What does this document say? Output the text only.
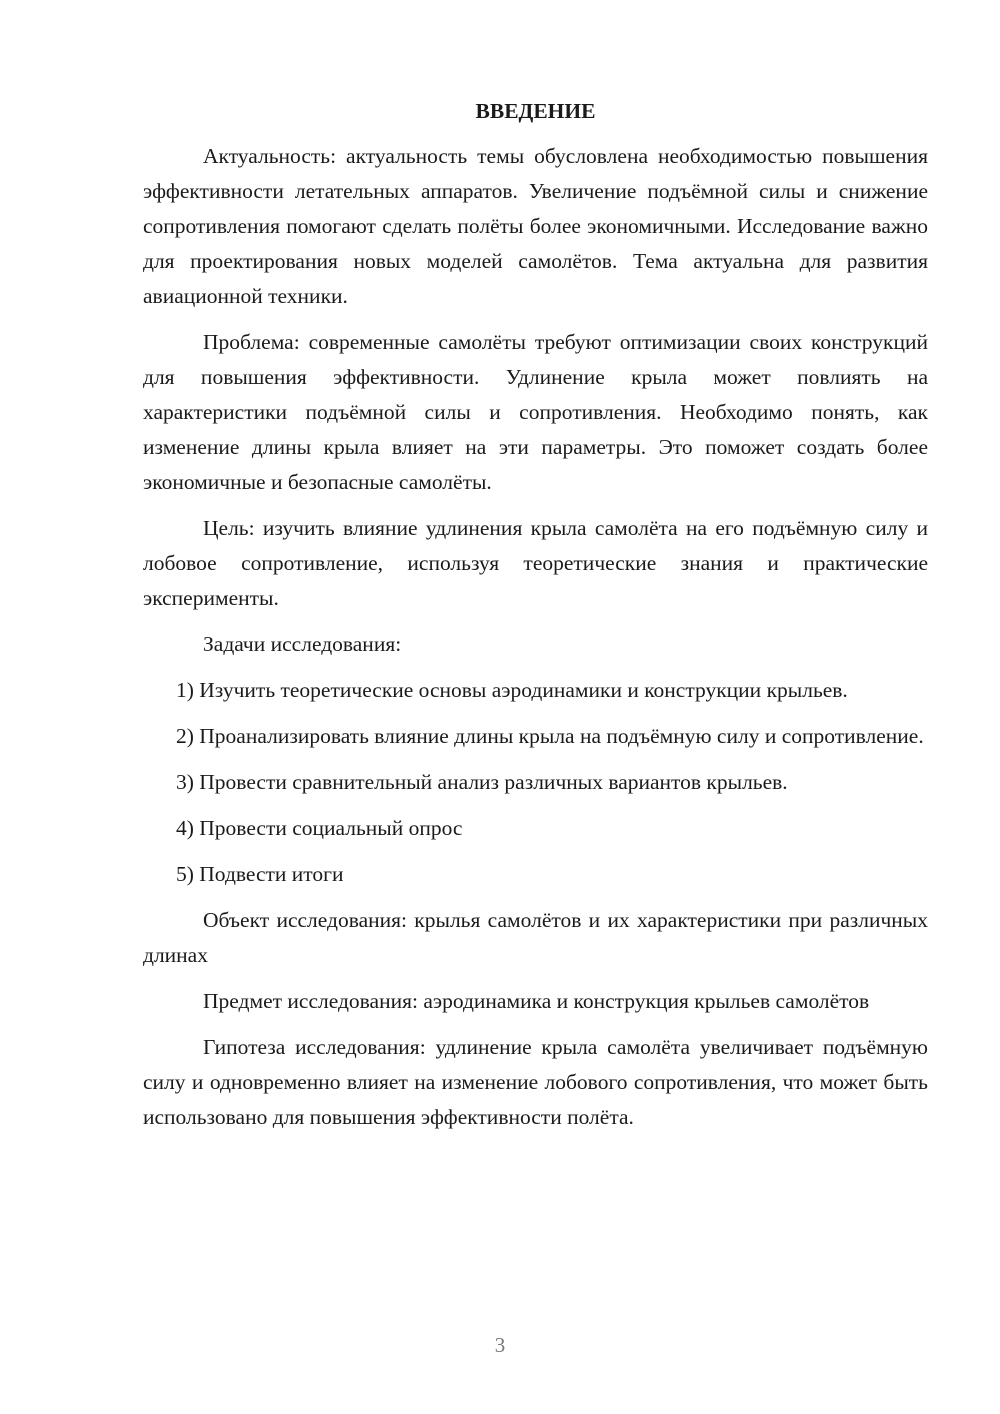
ВВЕДЕНИЕ

Актуальность: актуальность темы обусловлена необходимостью повышения эффективности летательных аппаратов. Увеличение подъёмной силы и снижение сопротивления помогают сделать полёты более экономичными. Исследование важно для проектирования новых моделей самолётов. Тема актуальна для развития авиационной техники.

Проблема: современные самолёты требуют оптимизации своих конструкций для повышения эффективности. Удлинение крыла может повлиять на характеристики подъёмной силы и сопротивления. Необходимо понять, как изменение длины крыла влияет на эти параметры. Это поможет создать более экономичные и безопасные самолёты.

Цель: изучить влияние удлинения крыла самолёта на его подъёмную силу и лобовое сопротивление, используя теоретические знания и практические эксперименты.

Задачи исследования:

1) Изучить теоретические основы аэродинамики и конструкции крыльев.

2) Проанализировать влияние длины крыла на подъёмную силу и сопротивление.

3) Провести сравнительный анализ различных вариантов крыльев.

4) Провести социальный опрос

5) Подвести итоги

Объект исследования: крылья самолётов и их характеристики при различных длинах

Предмет исследования: аэродинамика и конструкция крыльев самолётов

Гипотеза исследования: удлинение крыла самолёта увеличивает подъёмную силу и одновременно влияет на изменение лобового сопротивления, что может быть использовано для повышения эффективности полёта.

3
